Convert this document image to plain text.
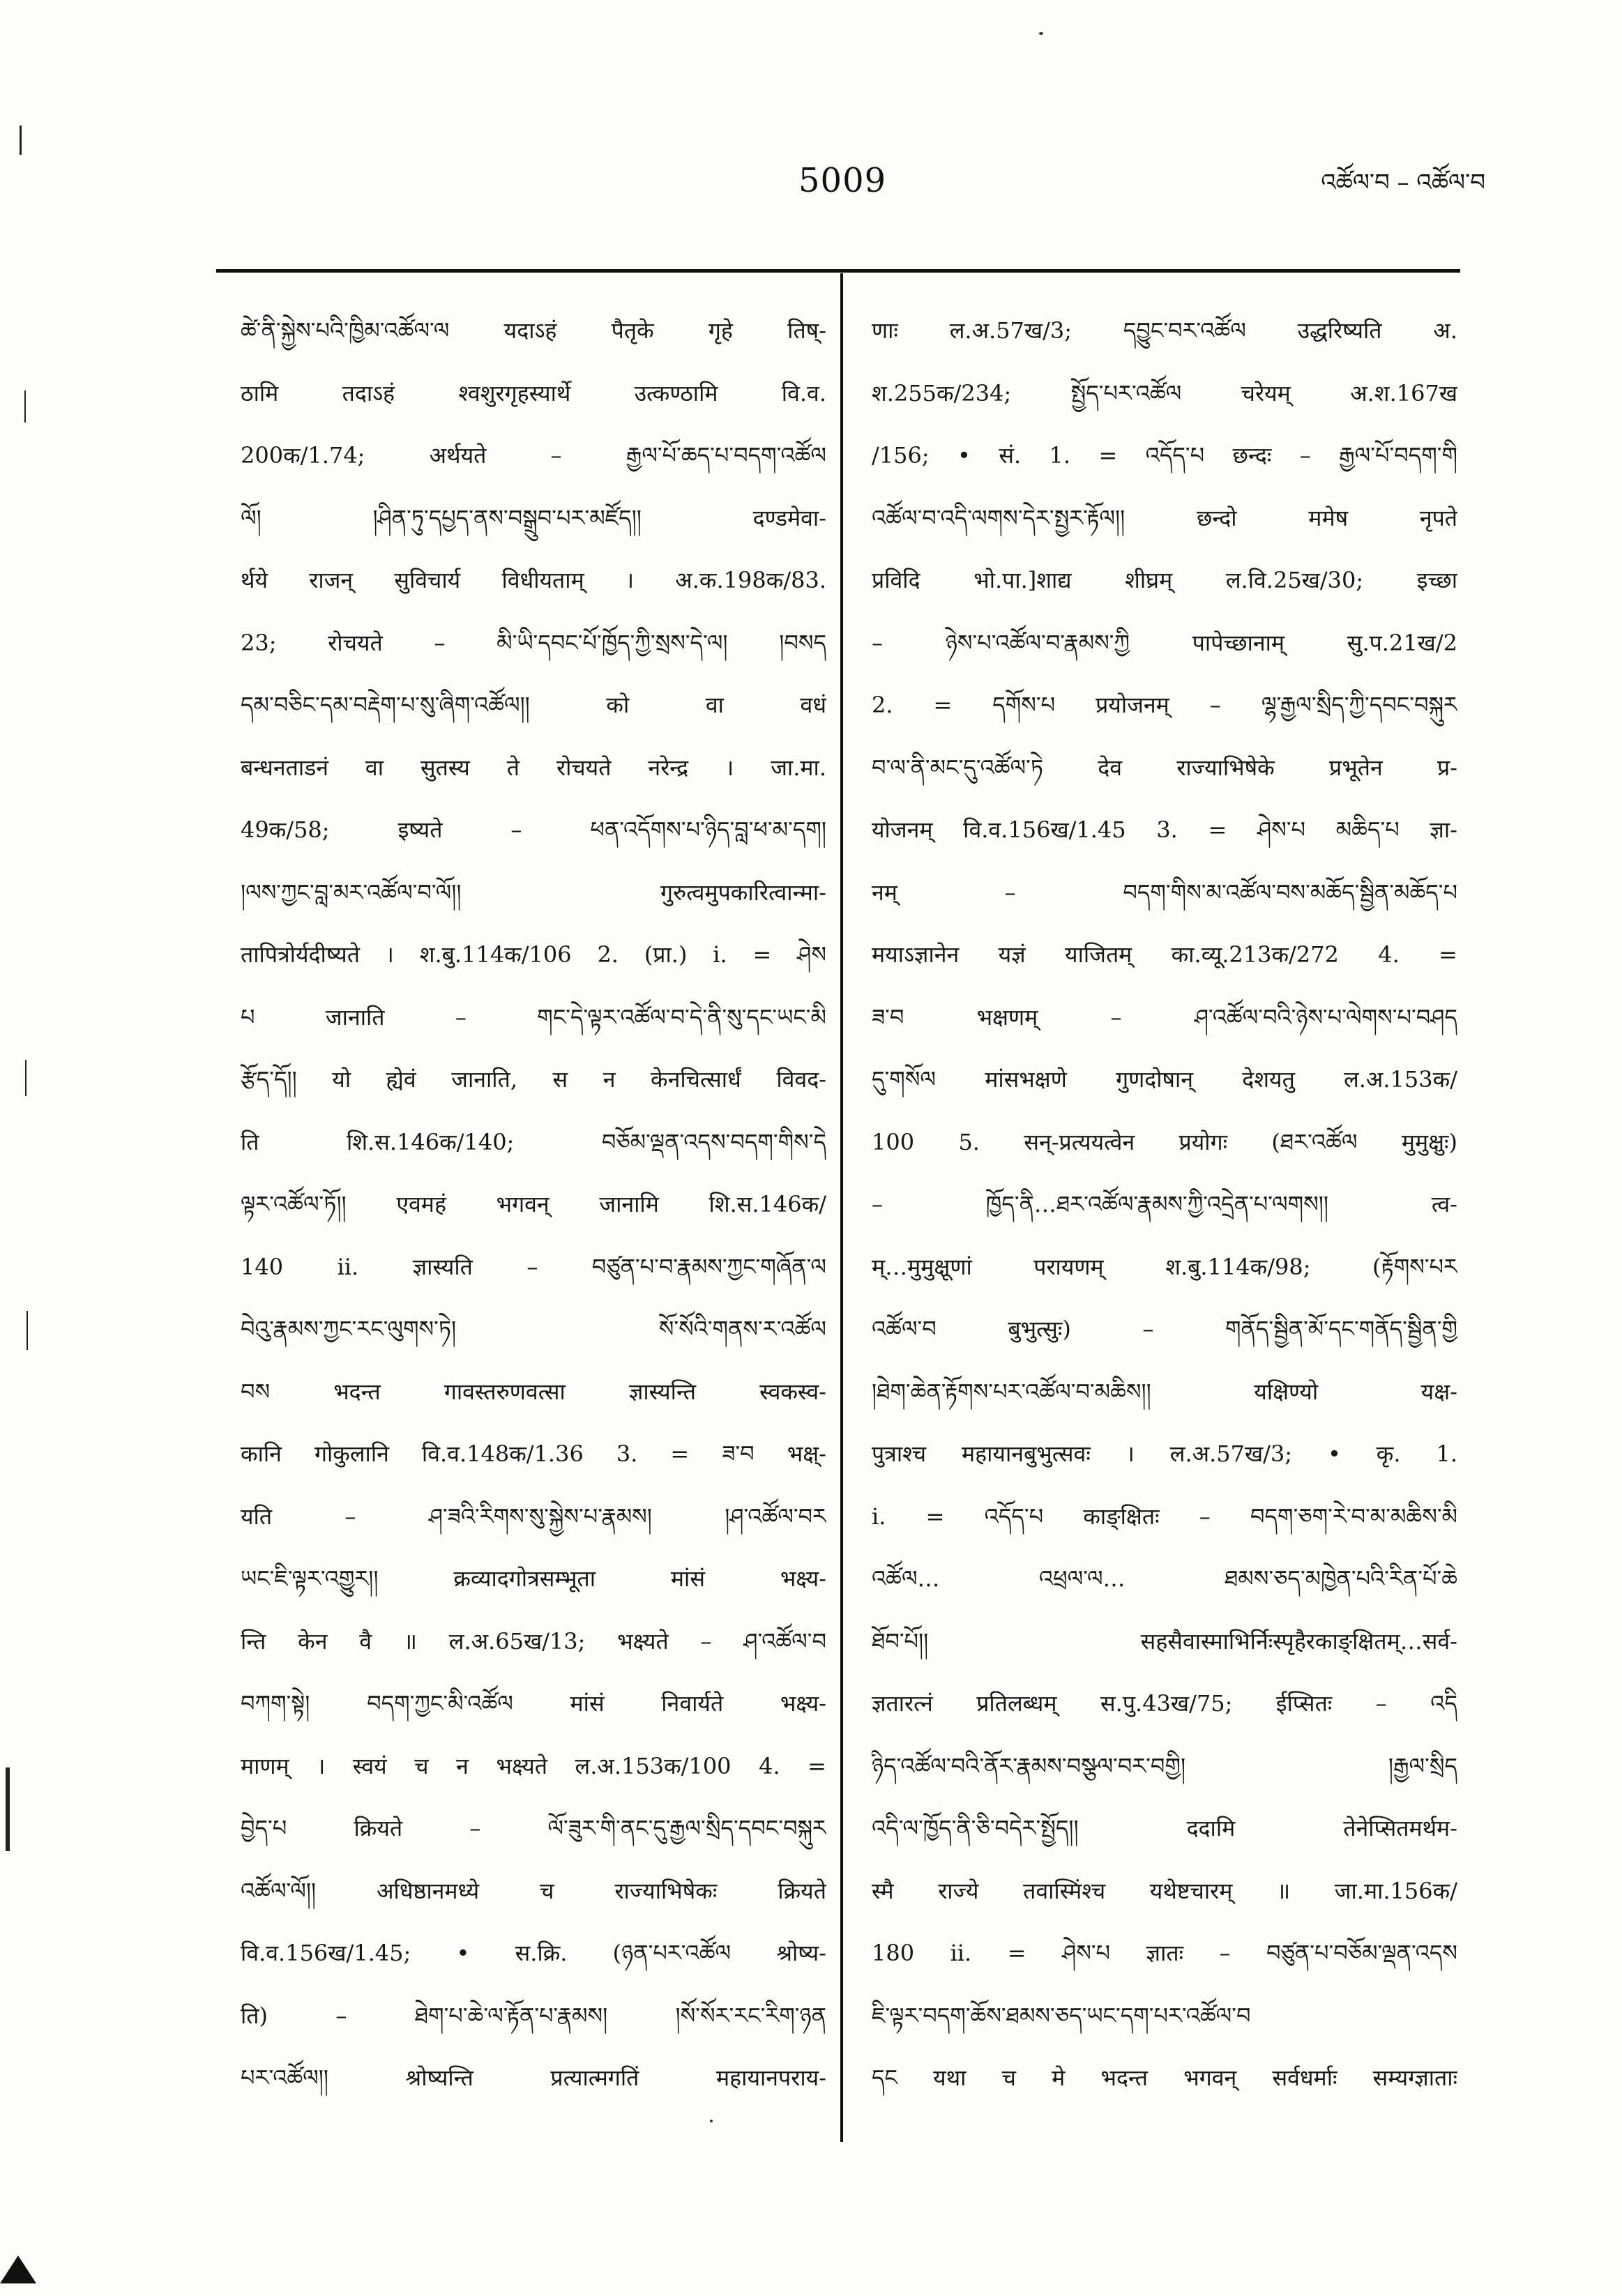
5009	འཚོལ་བ – འཚོལ་བ
ཚེ་ནི་སྐྱེས་པའི་ཁྱིམ་འཚོལ་ལ यदाऽहं पैतृके गृहे तिष्-
ठामि तदाऽहं श्वशुरगृहस्यार्थे उत्कण्ठामि वि.व.
200क/1.74; अर्थयते – རྒྱལ་པོ་ཆད་པ་བདག་འཚོལ
ལོ། །ཤིན་ཏུ་དཔྱད་ནས་བསྒྲུབ་པར་མཛོད།། दण्डमेवा-
र्थये राजन् सुविचार्य विधीयताम् । अ.क.198क/83.
23; रोचयते – མི་ཡི་དབང་པོ་ཁྱོད་ཀྱི་སྲས་དེ་ལ། །བསད
དམ་བཅིང་དམ་བརྡེག་པ་སུ་ཞིག་འཚོལ།། को वा वधं
बन्धनताडनं वा सुतस्य ते रोचयते नरेन्द्र । जा.मा.
49क/58; इष्यते – ཕན་འདོགས་པ་ཉིད་བླ་ཕ་མ་དག།
།ལས་ཀྱང་བླ་མར་འཚོལ་བ་ལོ།། गुरुत्वमुपकारित्वान्मा-
तापित्रोर्यदीष्यते । श.बु.114क/106 2. (प्रा.) i. = ཤེས
པ जानाति – གང་དེ་ལྟར་འཚོལ་བ་དེ་ནི་སུ་དང་ཡང་མི
རྩོད་དོ།། यो ह्येवं जानाति, स न केनचित्सार्धं विवद-
ति शि.स.146क/140; བཅོམ་ལྡན་འདས་བདག་གིས་དེ
ལྟར་འཚོལ་ཏོ།། एवमहं भगवन् जानामि शि.स.146क/
140 ii. ज्ञास्यति – བཙུན་པ་བ་རྣམས་ཀྱང་གཞོན་ལ
བེའུ་རྣམས་ཀྱང་རང་ལུགས་ཏེ། སོ་སོའི་གནས་ར་འཚོལ
བས भदन्त गावस्तरुणवत्सा ज्ञास्यन्ति स्वकस्व-
कानि गोकुलानि वि.व.148क/1.36 3. = ཟ་བ भक्ष्-
यति – ཤ་ཟའི་རིགས་སུ་སྐྱེས་པ་རྣམས། །ཤ་འཚོལ་བར
ཡང་ཇི་ལྟར་འགྱུར།། क्रव्यादगोत्रसम्भूता मांसं भक्ष्य-
न्ति केन वै ॥ ल.अ.65ख/13; भक्ष्यते – ཤ་འཚོལ་བ
བཀག་སྟེ། བདག་ཀྱང་མི་འཚོལ मांसं निवार्यते भक्ष्य-
माणम् । स्वयं च न भक्ष्यते ल.अ.153क/100 4. =
བྱེད་པ क्रियते – ལོ་ཟུར་གི་ནང་དུ་རྒྱལ་སྲིད་དབང་བསྐུར
འཚོལ་ལོ།། अधिष्ठानमध्ये च राज्याभिषेकः क्रियते
वि.व.156ख/1.45; • स.क्रि. (ཉན་པར་འཚོལ श्रोष्य-
ति) – ཐེག་པ་ཆེ་ལ་རྟོན་པ་རྣམས། །སོ་སོར་རང་རིག་ཉན
པར་འཚོལ།། श्रोष्यन्ति प्रत्यात्मगतिं महायानपराय-
णाः ल.अ.57ख/3; དབྱུང་བར་འཚོལ उद्धरिष्यति अ.
श.255क/234; སྤྱོད་པར་འཚོལ चरेयम् अ.श.167ख
/156; • सं. 1. = འདོད་པ छन्दः – རྒྱལ་པོ་བདག་གི
འཚོལ་བ་འདི་ལགས་དེར་སྤྱར་རྟོལ།། छन्दो ममेष नृपते
प्रविदि भो.पा.]शाद्य शीघ्रम् ल.वि.25ख/30; इच्छा
– ཉེས་པ་འཚོལ་བ་རྣམས་ཀྱི पापेच्छानाम् सु.प.21ख/2
2. = དགོས་པ प्रयोजनम् – ལྷ་རྒྱལ་སྲིད་ཀྱི་དབང་བསྐུར
བ་ལ་ནི་མང་དུ་འཚོལ་ཏེ देव राज्याभिषेके प्रभूतेन प्र-
योजनम् वि.व.156ख/1.45 3. = ཤེས་པ མཆིད་པ ज्ञा-
नम् – བདག་གིས་མ་འཚོལ་བས་མཆོད་སྦྱིན་མཆོད་པ
मयाऽज्ञानेन यज्ञं याजितम् का.व्यू.213क/272 4. =
ཟ་བ भक्षणम् – ཤ་འཚོལ་བའི་ཉེས་པ་ལེགས་པ་བཤད
དུ་གསོལ मांसभक्षणे गुणदोषान् देशयतु ल.अ.153क/
100 5. सन्-प्रत्ययत्वेन प्रयोगः (ཐར་འཚོལ मुमुक्षुः)
– ཁྱོད་ནི…ཐར་འཚོལ་རྣམས་ཀྱི་འདྲེན་པ་ལགས།། त्व-
म्…मुमुक्षूणां परायणम् श.बु.114क/98; (རྟོགས་པར
འཚོལ་བ बुभुत्सुः) – གནོད་སྦྱིན་མོ་དང་གནོད་སྦྱིན་གྱི
།ཐེག་ཆེན་རྟོགས་པར་འཚོལ་བ་མཆིས།། यक्षिण्यो यक्ष-
पुत्राश्च महायानबुभुत्सवः । ल.अ.57ख/3; • कृ. 1.
i. = འདོད་པ काङ्क्षितः – བདག་ཅག་རེ་བ་མ་མཆིས་མི
འཚོལ… འཕྲལ་ལ… ཐམས་ཅད་མཁྱེན་པའི་རིན་པོ་ཆེ
ཐོབ་པོ།། सहसैवास्माभिर्निःस्पृहैरकाङ्क्षितम्…सर्व-
ज्ञतारत्नं प्रतिलब्धम् स.पु.43ख/75; ईप्सितः – འདི
ཉིད་འཚོལ་བའི་ནོར་རྣམས་བསྩལ་བར་བགྱི། །རྒྱལ་སྲིད
འདི་ལ་ཁྱོད་ནི་ཅི་བདེར་སྤྱོད།། ददामि तेनेप्सितमर्थम-
स्मै राज्ये तवास्मिंश्च यथेष्टचारम् ॥ जा.मा.156क/
180 ii. = ཤེས་པ ज्ञातः – བཙུན་པ་བཅོམ་ལྡན་འདས
ཇི་ལྟར་བདག་ཆོས་ཐམས་ཅད་ཡང་དག་པར་འཚོལ་བ
དང यथा च मे भदन्त भगवन् सर्वधर्माः सम्यग्ज्ञाताः
